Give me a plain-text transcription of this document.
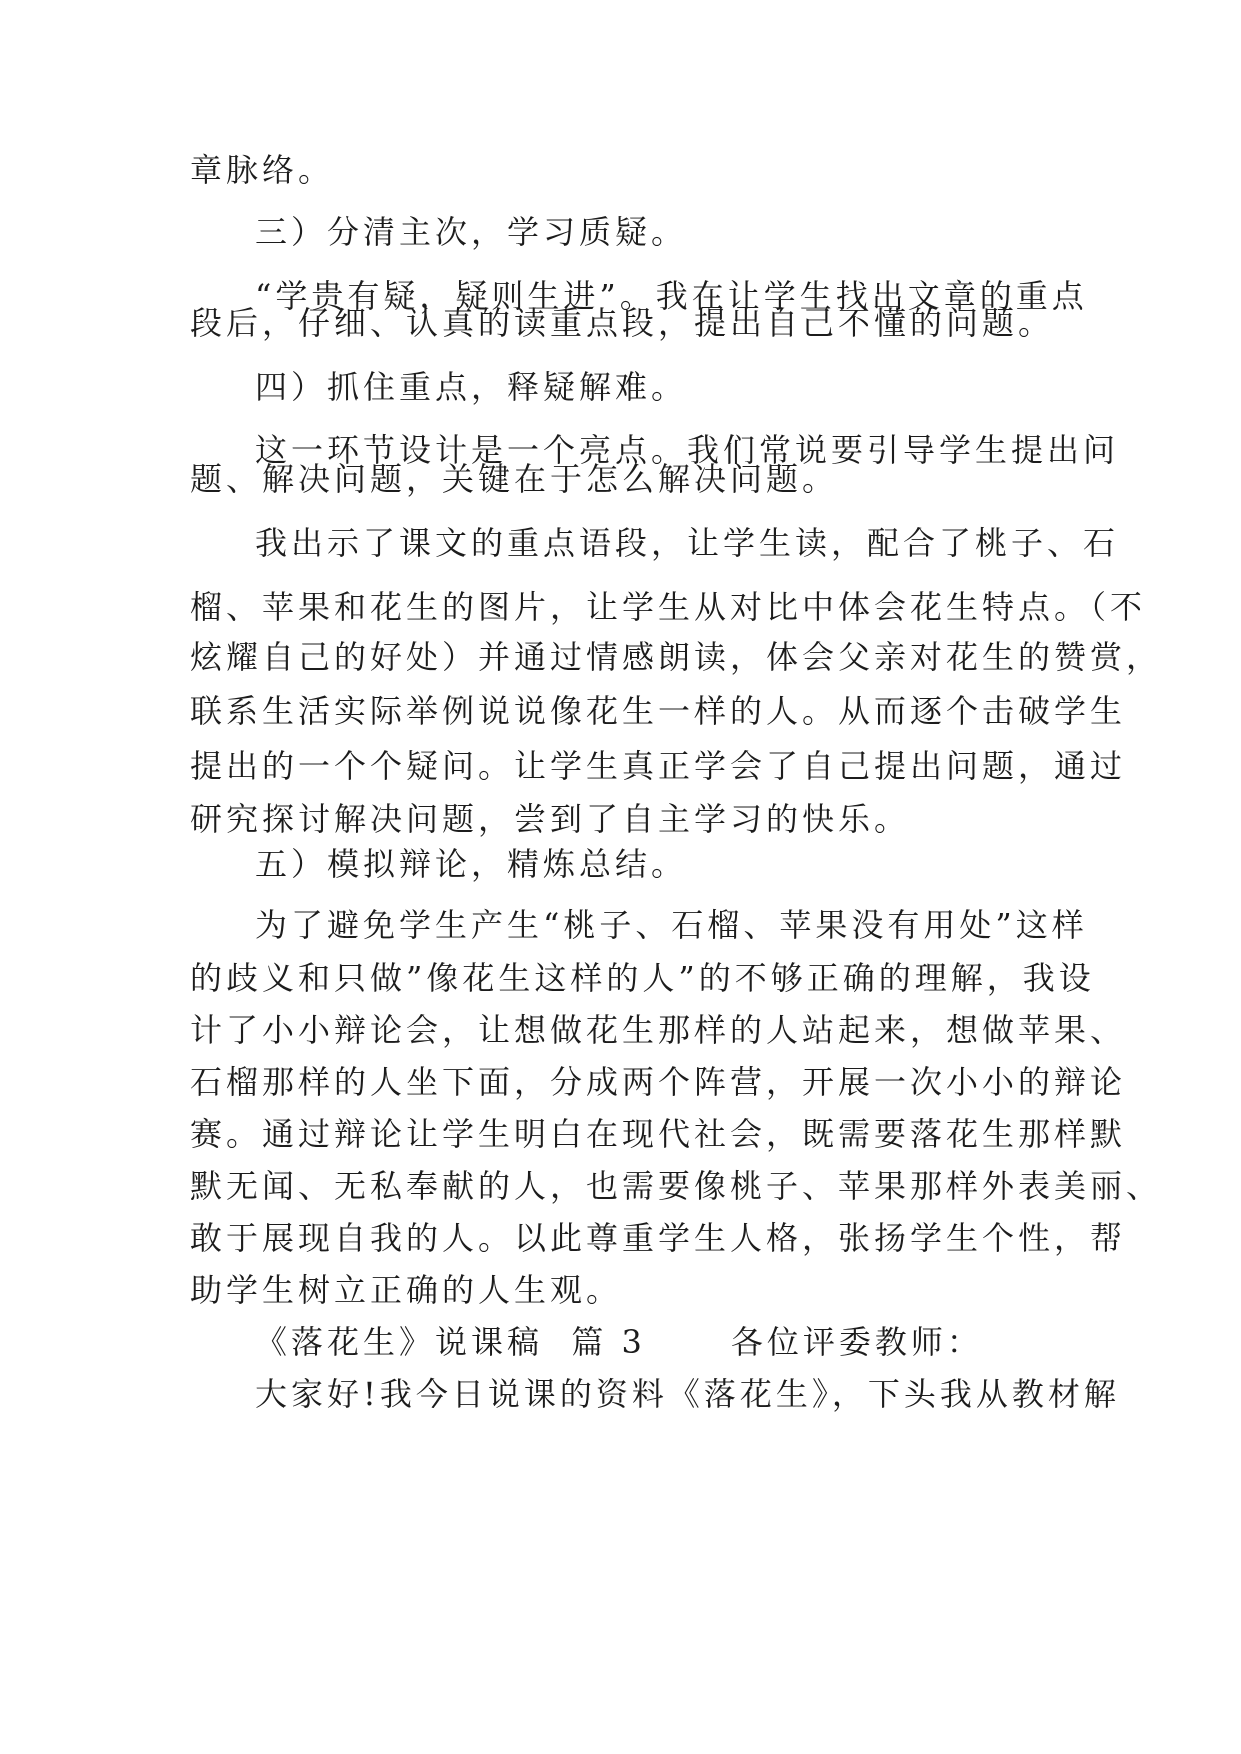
章脉络。
三）分清主次，学习质疑。
“学贵有疑，疑则生进”。我在让学生找出文章的重点
段后，仔细、认真的读重点段，提出自己不懂的问题。
四）抓住重点，释疑解难。
这一环节设计是一个亮点。我们常说要引导学生提出问
题、解决问题，关键在于怎么解决问题。
我出示了课文的重点语段，让学生读，配合了桃子、石
榴、苹果和花生的图片，让学生从对比中体会花生特点。（不
炫耀自己的好处）并通过情感朗读，体会父亲对花生的赞赏，
联系生活实际举例说说像花生一样的人。从而逐个击破学生
提出的一个个疑问。让学生真正学会了自己提出问题，通过
研究探讨解决问题，尝到了自主学习的快乐。
五）模拟辩论，精炼总结。
为了避免学生产生“桃子、石榴、苹果没有用处”这样
的歧义和只做”像花生这样的人”的不够正确的理解，我设
计了小小辩论会，让想做花生那样的人站起来，想做苹果、
石榴那样的人坐下面，分成两个阵营，开展一次小小的辩论
赛。通过辩论让学生明白在现代社会，既需要落花生那样默
默无闻、无私奉献的人，也需要像桃子、苹果那样外表美丽、
敢于展现自我的人。以此尊重学生人格，张扬学生个性，帮
助学生树立正确的人生观。
《落花生》说课稿  篇 3      各位评委教师：
大家好!我今日说课的资料《落花生》，下头我从教材解
